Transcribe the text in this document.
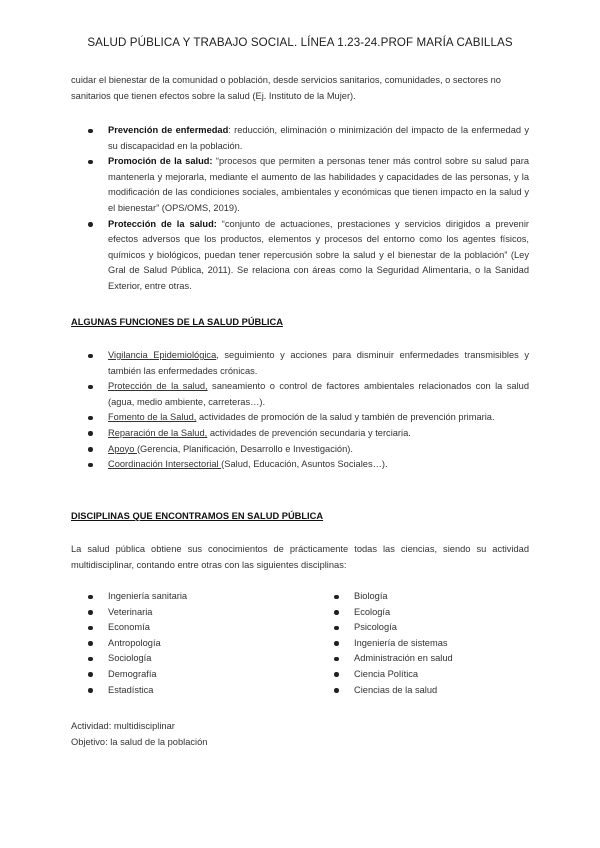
SALUD PÚBLICA Y TRABAJO SOCIAL. LÍNEA 1.23-24.PROF MARÍA CABILLAS
cuidar el bienestar de la comunidad o población, desde servicios sanitarios, comunidades, o sectores no
sanitarios que tienen efectos sobre la salud (Ej. Instituto de la Mujer).
Prevención de enfermedad: reducción, eliminación o minimización del impacto de la enfermedad y su discapacidad en la población.
Promoción de la salud: “procesos que permiten a personas tener más control sobre su salud para mantenerla y mejorarla, mediante el aumento de las habilidades y capacidades de las personas, y la modificación de las condiciones sociales, ambientales y económicas que tienen impacto en la salud y el bienestar” (OPS/OMS, 2019).
Protección de la salud: “conjunto de actuaciones, prestaciones y servicios dirigidos a prevenir efectos adversos que los productos, elementos y procesos del entorno como los agentes físicos, químicos y biológicos, puedan tener repercusión sobre la salud y el bienestar de la población” (Ley Gral de Salud Pública, 2011). Se relaciona con áreas como la Seguridad Alimentaria, o la Sanidad Exterior, entre otras.
ALGUNAS FUNCIONES DE LA SALUD PÚBLICA
Vigilancia Epidemiológica, seguimiento y acciones para disminuir enfermedades transmisibles y también las enfermedades crónicas.
Protección de la salud, saneamiento o control de factores ambientales relacionados con la salud (agua, medio ambiente, carreteras…).
Fomento de la Salud, actividades de promoción de la salud y también de prevención primaria.
Reparación de la Salud, actividades de prevención secundaria y terciaria.
Apoyo (Gerencia, Planificación, Desarrollo e Investigación).
Coordinación Intersectorial (Salud, Educación, Asuntos Sociales…).
DISCIPLINAS QUE ENCONTRAMOS EN SALUD PÚBLICA
La salud pública obtiene sus conocimientos de prácticamente todas las ciencias, siendo su actividad multidisciplinar, contando entre otras con las siguientes disciplinas:
Ingeniería sanitaria
Veterinaria
Economía
Antropología
Sociología
Demografía
Estadística
Biología
Ecología
Psicología
Ingeniería de sistemas
Administración en salud
Ciencia Política
Ciencias de la salud
Actividad: multidisciplinar
Objetivo: la salud de la población
